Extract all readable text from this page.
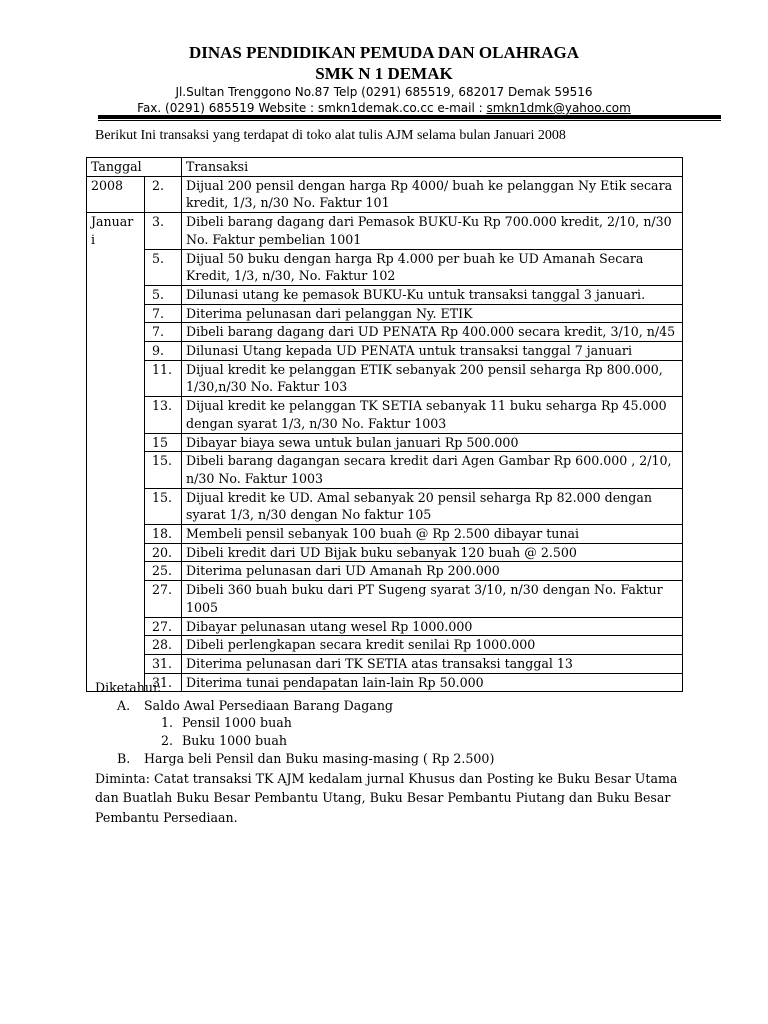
DINAS PENDIDIKAN PEMUDA DAN OLAHRAGA
SMK N 1 DEMAK
Jl.Sultan Trenggono No.87 Telp (0291) 685519, 682017 Demak 59516
Fax. (0291) 685519 Website : smkn1demak.co.cc e-mail : smkn1dmk@yahoo.com
Berikut Ini transaksi yang terdapat di toko alat tulis AJM selama bulan Januari 2008
Tanggal		Transaksi
2008	2.	Dijual 200 pensil dengan harga Rp 4000/ buah ke pelanggan Ny Etik secara kredit, 1/3, n/30 No. Faktur 101
Januar i	3.	Dibeli barang dagang dari Pemasok BUKU-Ku Rp 700.000 kredit, 2/10, n/30 No. Faktur pembelian 1001
	5.	Dijual 50 buku dengan harga Rp 4.000 per buah ke UD Amanah Secara Kredit, 1/3, n/30, No. Faktur 102
	5.	Dilunasi utang ke pemasok BUKU-Ku untuk transaksi tanggal 3 januari.
	7.	Diterima pelunasan dari pelanggan Ny. ETIK
	7.	Dibeli barang dagang dari UD PENATA Rp 400.000 secara kredit, 3/10, n/45
	9.	Dilunasi Utang kepada UD PENATA untuk transaksi tanggal 7 januari
	11.	Dijual kredit ke pelanggan ETIK sebanyak 200 pensil seharga Rp 800.000, 1/30,n/30 No. Faktur 103
	13.	Dijual kredit ke pelanggan TK SETIA sebanyak 11 buku seharga Rp 45.000 dengan syarat 1/3, n/30 No. Faktur 1003
	15	Dibayar biaya sewa untuk bulan januari Rp 500.000
	15.	Dibeli barang dagangan secara kredit dari Agen Gambar Rp 600.000 , 2/10, n/30 No. Faktur 1003
	15.	Dijual kredit ke UD. Amal sebanyak 20 pensil seharga Rp 82.000 dengan syarat 1/3, n/30 dengan No faktur 105
	18.	Membeli pensil sebanyak 100 buah @ Rp 2.500 dibayar tunai
	20.	Dibeli kredit dari UD Bijak buku sebanyak 120 buah @ 2.500
	25.	Diterima pelunasan dari UD Amanah Rp 200.000
	27.	Dibeli 360 buah buku dari PT Sugeng syarat 3/10, n/30 dengan No. Faktur 1005
	27.	Dibayar pelunasan utang wesel Rp 1000.000
	28.	Dibeli perlengkapan secara kredit senilai Rp 1000.000
	31.	Diterima pelunasan dari TK SETIA atas transaksi tanggal 13
	31.	Diterima tunai pendapatan lain-lain Rp 50.000
Diketahui:
A. Saldo Awal Persediaan Barang Dagang
1. Pensil 1000 buah
2. Buku 1000 buah
B. Harga beli Pensil dan Buku masing-masing ( Rp 2.500)
Diminta: Catat transaksi TK AJM kedalam jurnal Khusus dan Posting ke Buku Besar Utama dan Buatlah Buku Besar Pembantu Utang, Buku Besar Pembantu Piutang dan Buku Besar Pembantu Persediaan.
